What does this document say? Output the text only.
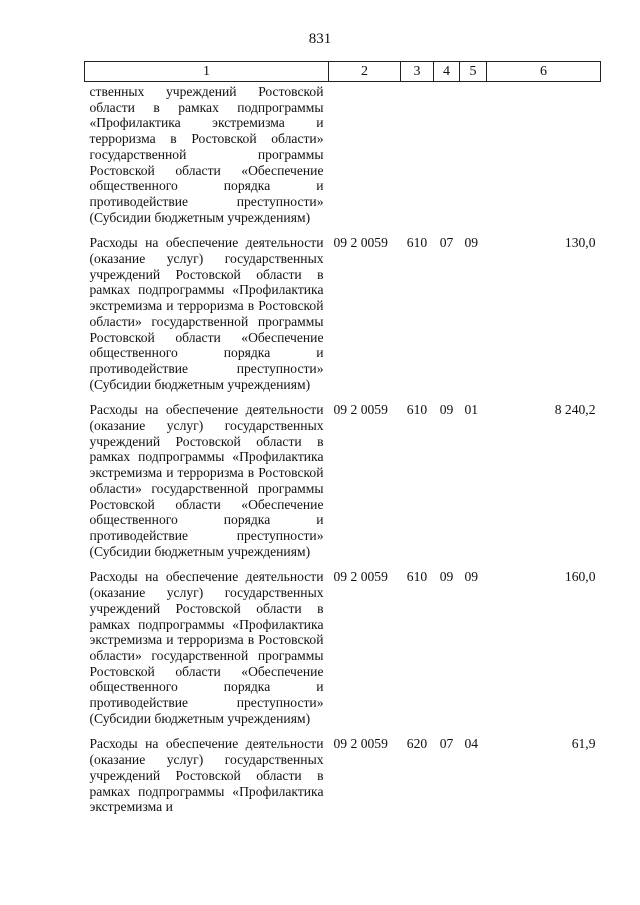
831
1	2	3	4	5	6
ственных учреждений Ростовской области в рамках подпрограммы «Профилактика экстремизма и терроризма в Ростовской области» государственной программы Ростовской области «Обеспечение общественного порядка и противодействие преступности» (Субсидии бюджетным учреждениям)					
Расходы на обеспечение деятельности (оказание услуг) государственных учреждений Ростовской области в рамках подпрограммы «Профилактика экстремизма и терроризма в Ростовской области» государственной программы Ростовской области «Обеспечение общественного порядка и противодействие преступности» (Субсидии бюджетным учреждениям)	09 2 0059	610	07	09	130,0
Расходы на обеспечение деятельности (оказание услуг) государственных учреждений Ростовской области в рамках подпрограммы «Профилактика экстремизма и терроризма в Ростовской области» государственной программы Ростовской области «Обеспечение общественного порядка и противодействие преступности» (Субсидии бюджетным учреждениям)	09 2 0059	610	09	01	8 240,2
Расходы на обеспечение деятельности (оказание услуг) государственных учреждений Ростовской области в рамках подпрограммы «Профилактика экстремизма и терроризма в Ростовской области» государственной программы Ростовской области «Обеспечение общественного порядка и противодействие преступности» (Субсидии бюджетным учреждениям)	09 2 0059	610	09	09	160,0
Расходы на обеспечение деятельности (оказание услуг) государственных учреждений Ростовской области в рамках подпрограммы «Профилактика экстремизма и	09 2 0059	620	07	04	61,9
